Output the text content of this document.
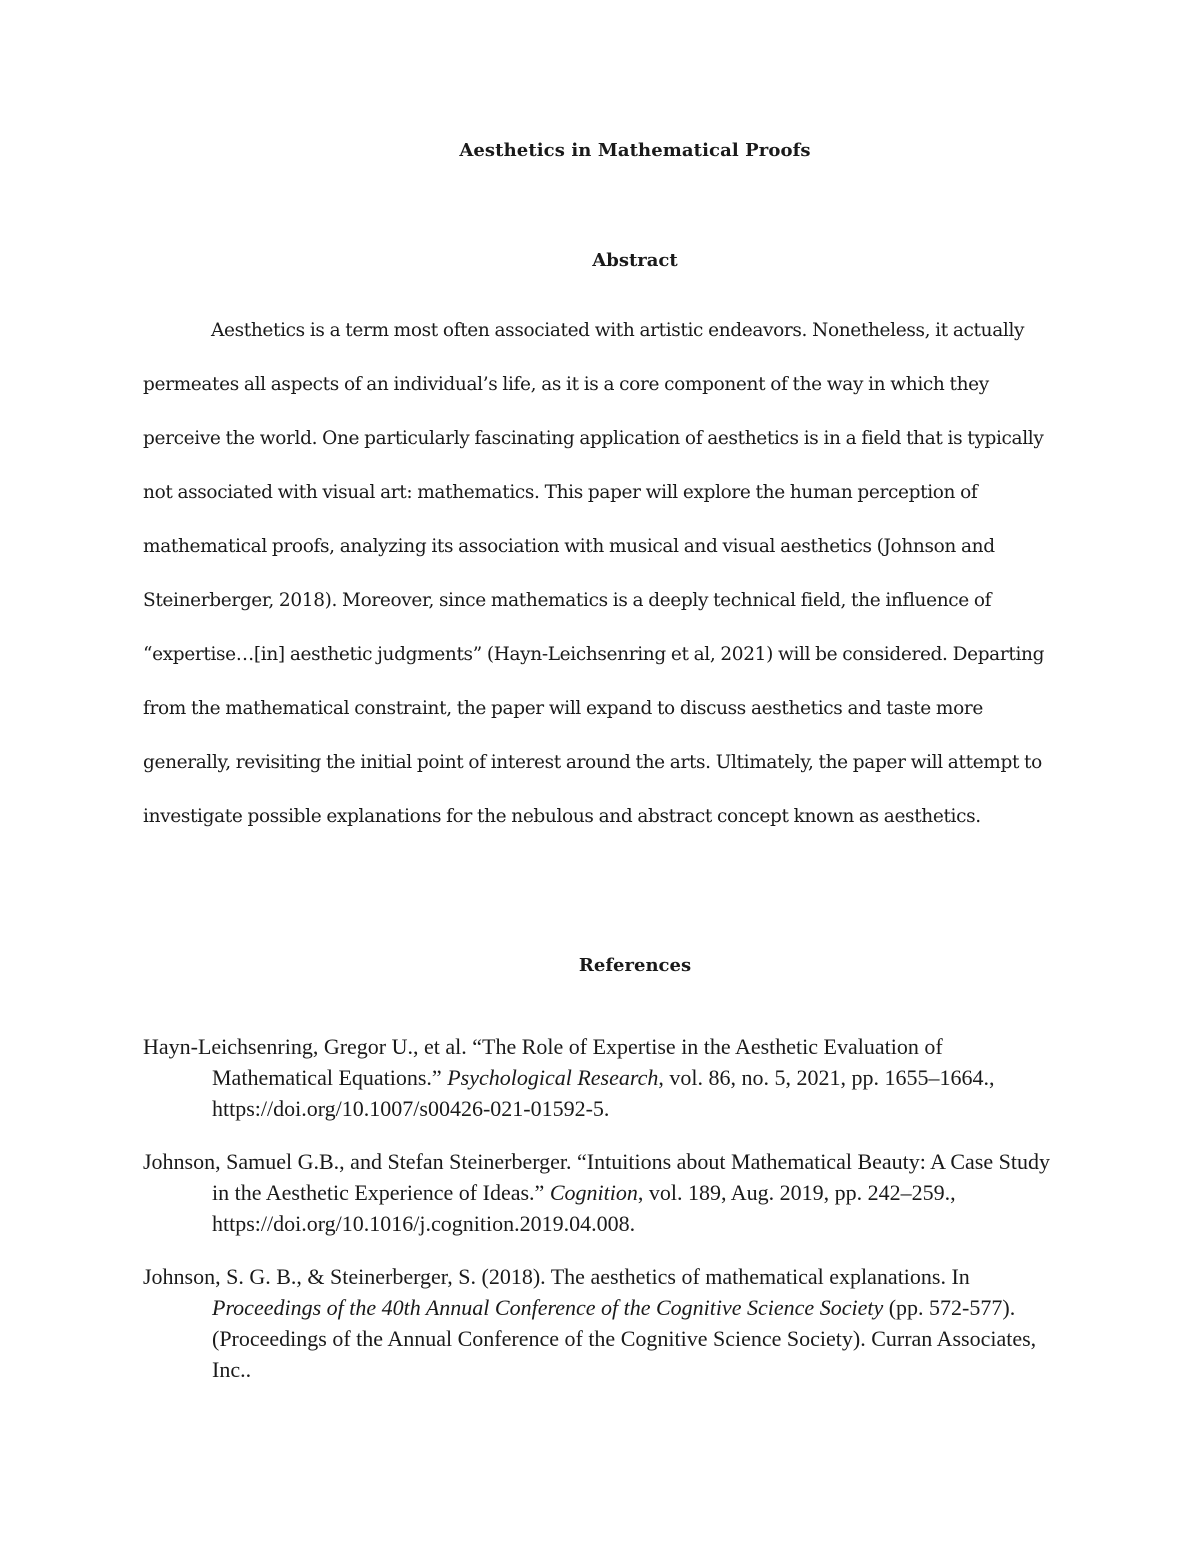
Aesthetics in Mathematical Proofs
Abstract

Aesthetics is a term most often associated with artistic endeavors. Nonetheless, it actually permeates all aspects of an individual’s life, as it is a core component of the way in which they perceive the world. One particularly fascinating application of aesthetics is in a field that is typically not associated with visual art: mathematics. This paper will explore the human perception of mathematical proofs, analyzing its association with musical and visual aesthetics (Johnson and Steinerberger, 2018). Moreover, since mathematics is a deeply technical field, the influence of “expertise…[in] aesthetic judgments” (Hayn-Leichsenring et al, 2021) will be considered. Departing from the mathematical constraint, the paper will expand to discuss aesthetics and taste more generally, revisiting the initial point of interest around the arts. Ultimately, the paper will attempt to investigate possible explanations for the nebulous and abstract concept known as aesthetics.

References

Hayn-Leichsenring, Gregor U., et al. “The Role of Expertise in the Aesthetic Evaluation of Mathematical Equations.” Psychological Research, vol. 86, no. 5, 2021, pp. 1655–1664., https://doi.org/10.1007/s00426-021-01592-5.

Johnson, Samuel G.B., and Stefan Steinerberger. “Intuitions about Mathematical Beauty: A Case Study in the Aesthetic Experience of Ideas.” Cognition, vol. 189, Aug. 2019, pp. 242–259., https://doi.org/10.1016/j.cognition.2019.04.008.

Johnson, S. G. B., & Steinerberger, S. (2018). The aesthetics of mathematical explanations. In Proceedings of the 40th Annual Conference of the Cognitive Science Society (pp. 572-577). (Proceedings of the Annual Conference of the Cognitive Science Society). Curran Associates, Inc..
